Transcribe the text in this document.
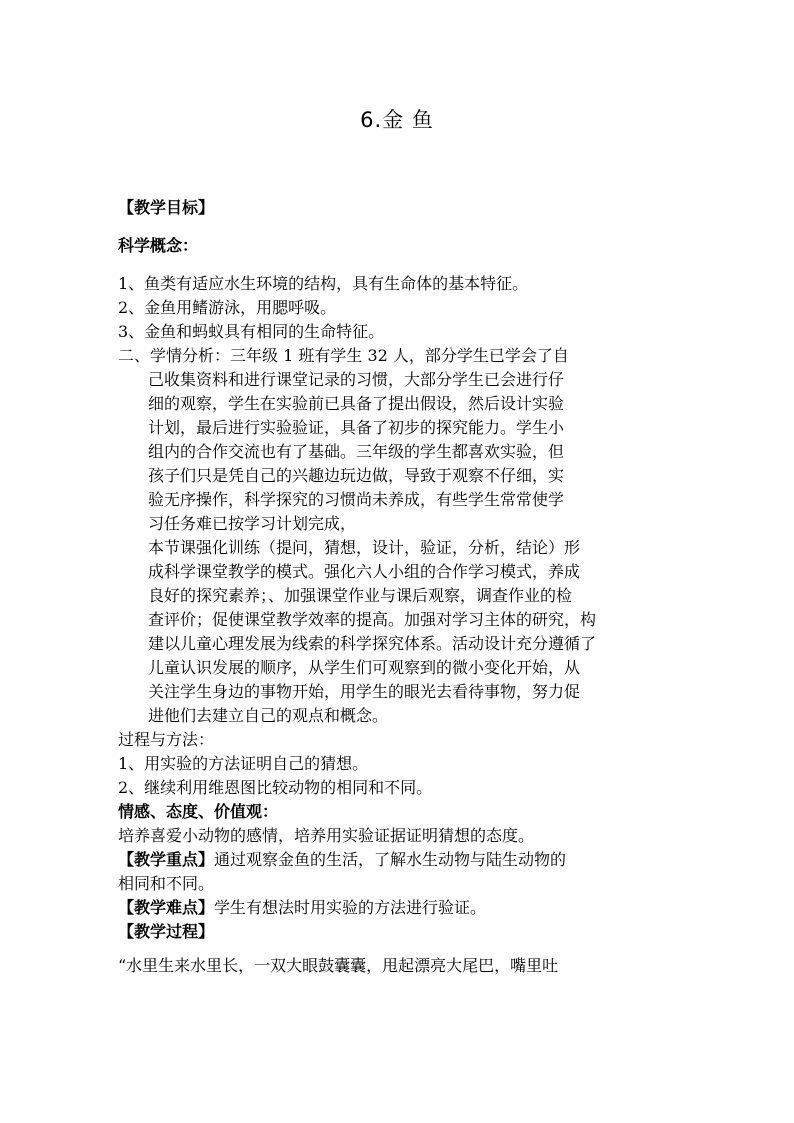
6.金 鱼
【教学目标】
科学概念：
1、鱼类有适应水生环境的结构，具有生命体的基本特征。
2、金鱼用鳍游泳，用腮呼吸。
3、金鱼和蚂蚁具有相同的生命特征。
二、学情分析：三年级 1 班有学生 32 人，部分学生已学会了自
己收集资料和进行课堂记录的习惯，大部分学生已会进行仔
细的观察，学生在实验前已具备了提出假设，然后设计实验
计划，最后进行实验验证，具备了初步的探究能力。学生小
组内的合作交流也有了基础。三年级的学生都喜欢实验，但
孩子们只是凭自己的兴趣边玩边做，导致于观察不仔细，实
验无序操作，科学探究的习惯尚未养成，有些学生常常使学
习任务难已按学习计划完成，
本节课强化训练（提问，猜想，设计，验证，分析，结论）形
成科学课堂教学的模式。强化六人小组的合作学习模式，养成
良好的探究素养；、加强课堂作业与课后观察，调查作业的检
查评价；促使课堂教学效率的提高。加强对学习主体的研究，构
建以儿童心理发展为线索的科学探究体系。活动设计充分遵循了
儿童认识发展的顺序，从学生们可观察到的微小变化开始，从
关注学生身边的事物开始，用学生的眼光去看待事物，努力促
进他们去建立自己的观点和概念。
过程与方法：
1、用实验的方法证明自己的猜想。
2、继续利用维恩图比较动物的相同和不同。
情感、态度、价值观：
培养喜爱小动物的感情，培养用实验证据证明猜想的态度。
【教学重点】通过观察金鱼的生活，了解水生动物与陆生动物的
相同和不同。
【教学难点】学生有想法时用实验的方法进行验证。
【教学过程】
“水里生来水里长，一双大眼鼓囊囊，甩起漂亮大尾巴，嘴里吐
